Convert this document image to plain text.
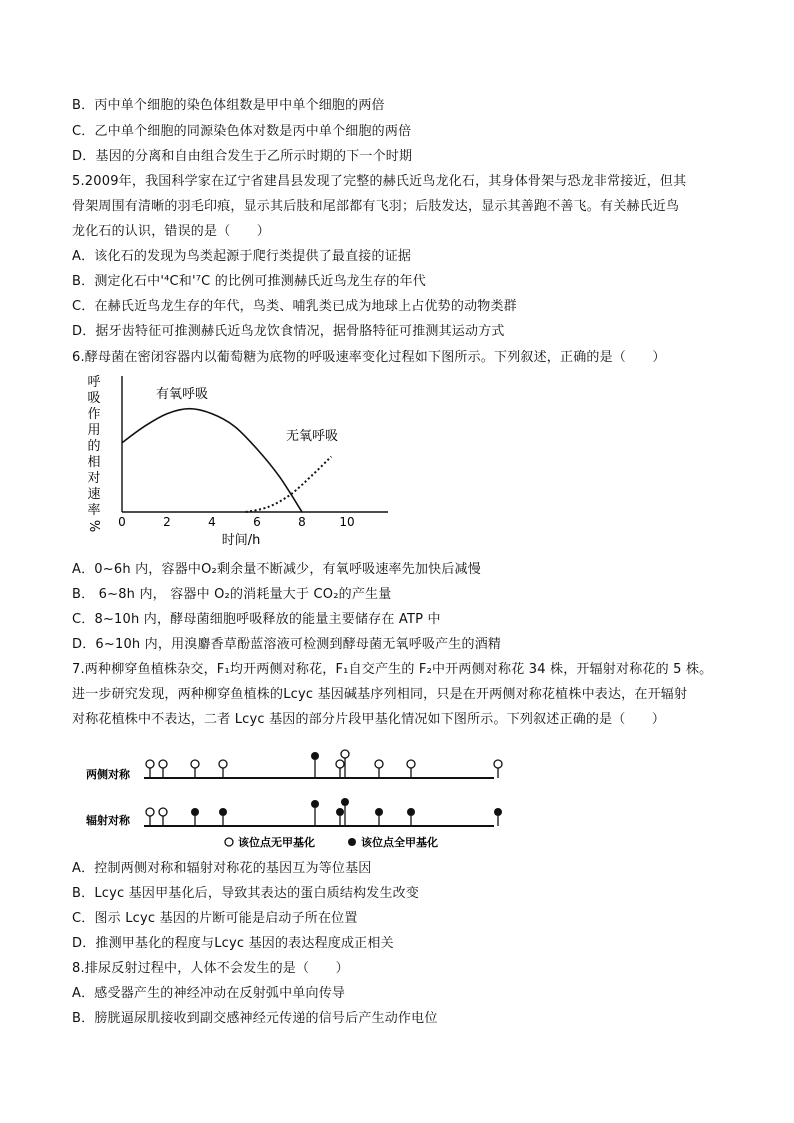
B．丙中单个细胞的染色体组数是甲中单个细胞的两倍
C．乙中单个细胞的同源染色体对数是丙中单个细胞的两倍
D．基因的分离和自由组合发生于乙所示时期的下一个时期
5.2009年，我国科学家在辽宁省建昌县发现了完整的赫氏近鸟龙化石，其身体骨架与恐龙非常接近，但其
骨架周围有清晰的羽毛印痕，显示其后肢和尾部都有飞羽；后肢发达，显示其善跑不善飞。有关赫氏近鸟
龙化石的认识，错误的是（　　）
A．该化石的发现为鸟类起源于爬行类提供了最直接的证据
B．测定化石中'⁴C和'⁷C 的比例可推测赫氏近鸟龙生存的年代
C．在赫氏近鸟龙生存的年代，鸟类、哺乳类已成为地球上占优势的动物类群
D．据牙齿特征可推测赫氏近鸟龙饮食情况，据骨胳特征可推测其运动方式
6.酵母菌在密闭容器内以葡萄糖为底物的呼吸速率变化过程如下图所示。下列叙述，正确的是（　　）
呼
吸
作
用
的
相
对
速
率
% 0	2	4	6	8	10
时间/h
有氧呼吸
无氧呼吸
A．0~6h 内，容器中O₂剩余量不断减少，有氧呼吸速率先加快后减慢
B． 6~8h 内， 容器中 O₂的消耗量大于 CO₂的产生量
C．8~10h 内，酵母菌细胞呼吸释放的能量主要储存在 ATP 中
D．6~10h 内，用溴麝香草酚蓝溶液可检测到酵母菌无氧呼吸产生的酒精
7.两种柳穿鱼植株杂交，F₁均开两侧对称花，F₁自交产生的 F₂中开两侧对称花 34 株，开辐射对称花的 5 株。
进一步研究发现，两种柳穿鱼植株的Lcyc 基因碱基序列相同，只是在开两侧对称花植株中表达，在开辐射
对称花植株中不表达，二者 Lcyc 基因的部分片段甲基化情况如下图所示。下列叙述正确的是（　　）
两侧对称
辐射对称
该位点无甲基化	该位点全甲基化
A．控制两侧对称和辐射对称花的基因互为等位基因
B．Lcyc 基因甲基化后，导致其表达的蛋白质结构发生改变
C．图示 Lcyc 基因的片断可能是启动子所在位置
D．推测甲基化的程度与Lcyc 基因的表达程度成正相关
8.排尿反射过程中，人体不会发生的是（　　）
A．感受器产生的神经冲动在反射弧中单向传导
B．膀胱逼尿肌接收到副交感神经元传递的信号后产生动作电位
